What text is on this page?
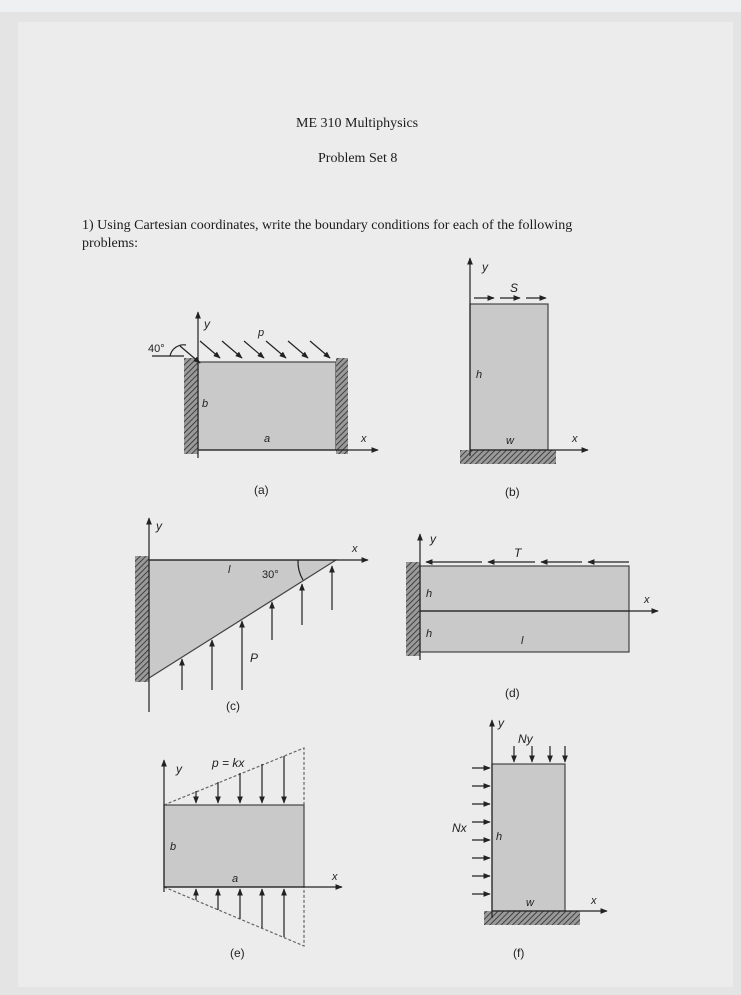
ME 310 Multiphysics
Problem Set 8
1) Using Cartesian coordinates, write the boundary conditions for each of the following
problems:
40°
p
y
b
a	x
(a)
y
S
h
w	x
(b)
y
x
l	30°
P
(c)
y
T
h
h
l
x
(d)
y	p = kx
b
a	x
(e)
y
Ny
Nx
h
w	x
(f)
